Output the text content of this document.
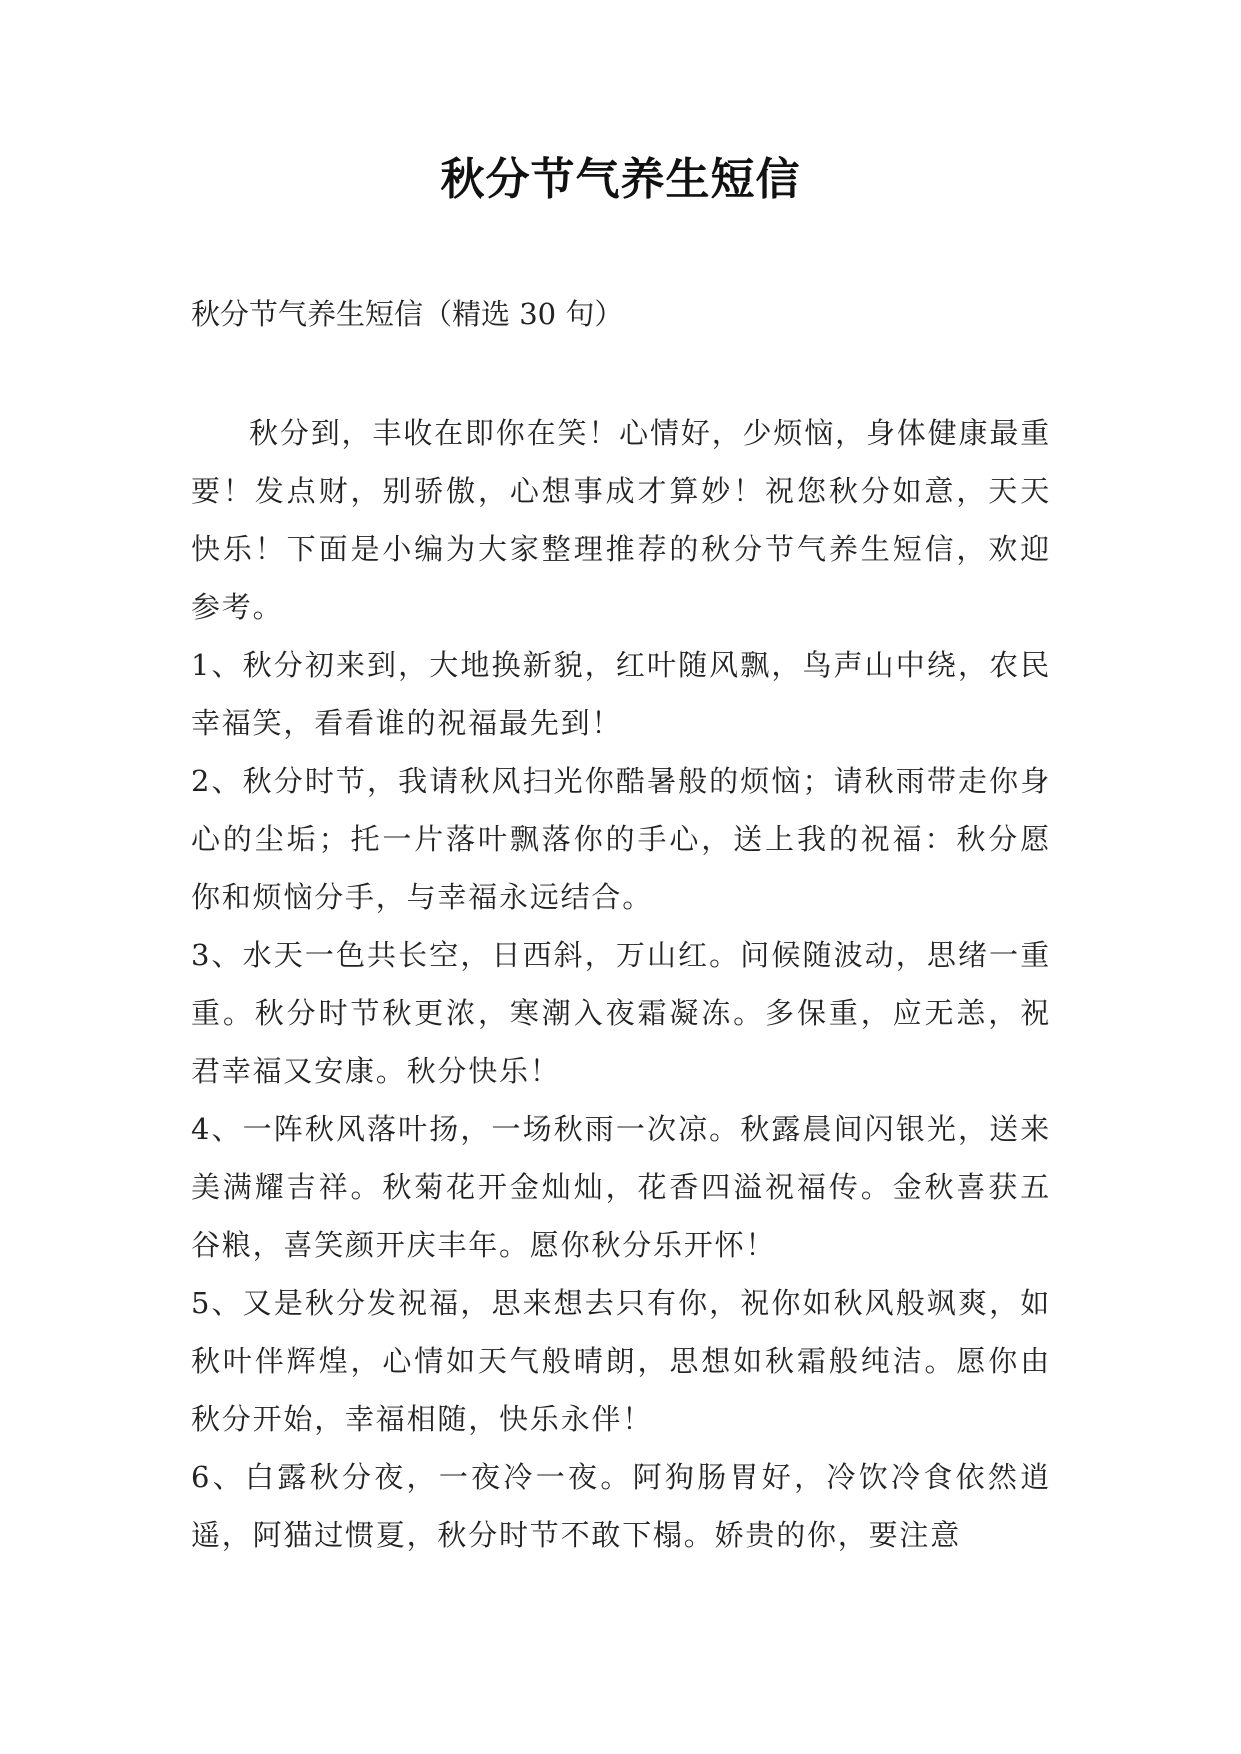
秋分节气养生短信
秋分节气养生短信（精选 30 句）

秋分到，丰收在即你在笑！心情好，少烦恼，身体健康最重要！发点财，别骄傲，心想事成才算妙！祝您秋分如意，天天快乐！下面是小编为大家整理推荐的秋分节气养生短信，欢迎参考。

1、秋分初来到，大地换新貌，红叶随风飘，鸟声山中绕，农民幸福笑，看看谁的祝福最先到！

2、秋分时节，我请秋风扫光你酷暑般的烦恼；请秋雨带走你身心的尘垢；托一片落叶飘落你的手心，送上我的祝福：秋分愿你和烦恼分手，与幸福永远结合。

3、水天一色共长空，日西斜，万山红。问候随波动，思绪一重重。秋分时节秋更浓，寒潮入夜霜凝冻。多保重，应无恙，祝君幸福又安康。秋分快乐！

4、一阵秋风落叶扬，一场秋雨一次凉。秋露晨间闪银光，送来美满耀吉祥。秋菊花开金灿灿，花香四溢祝福传。金秋喜获五谷粮，喜笑颜开庆丰年。愿你秋分乐开怀！

5、又是秋分发祝福，思来想去只有你，祝你如秋风般飒爽，如秋叶伴辉煌，心情如天气般晴朗，思想如秋霜般纯洁。愿你由秋分开始，幸福相随，快乐永伴！

6、白露秋分夜，一夜冷一夜。阿狗肠胃好，冷饮冷食依然逍遥，阿猫过惯夏，秋分时节不敢下榻。娇贵的你，要注意
